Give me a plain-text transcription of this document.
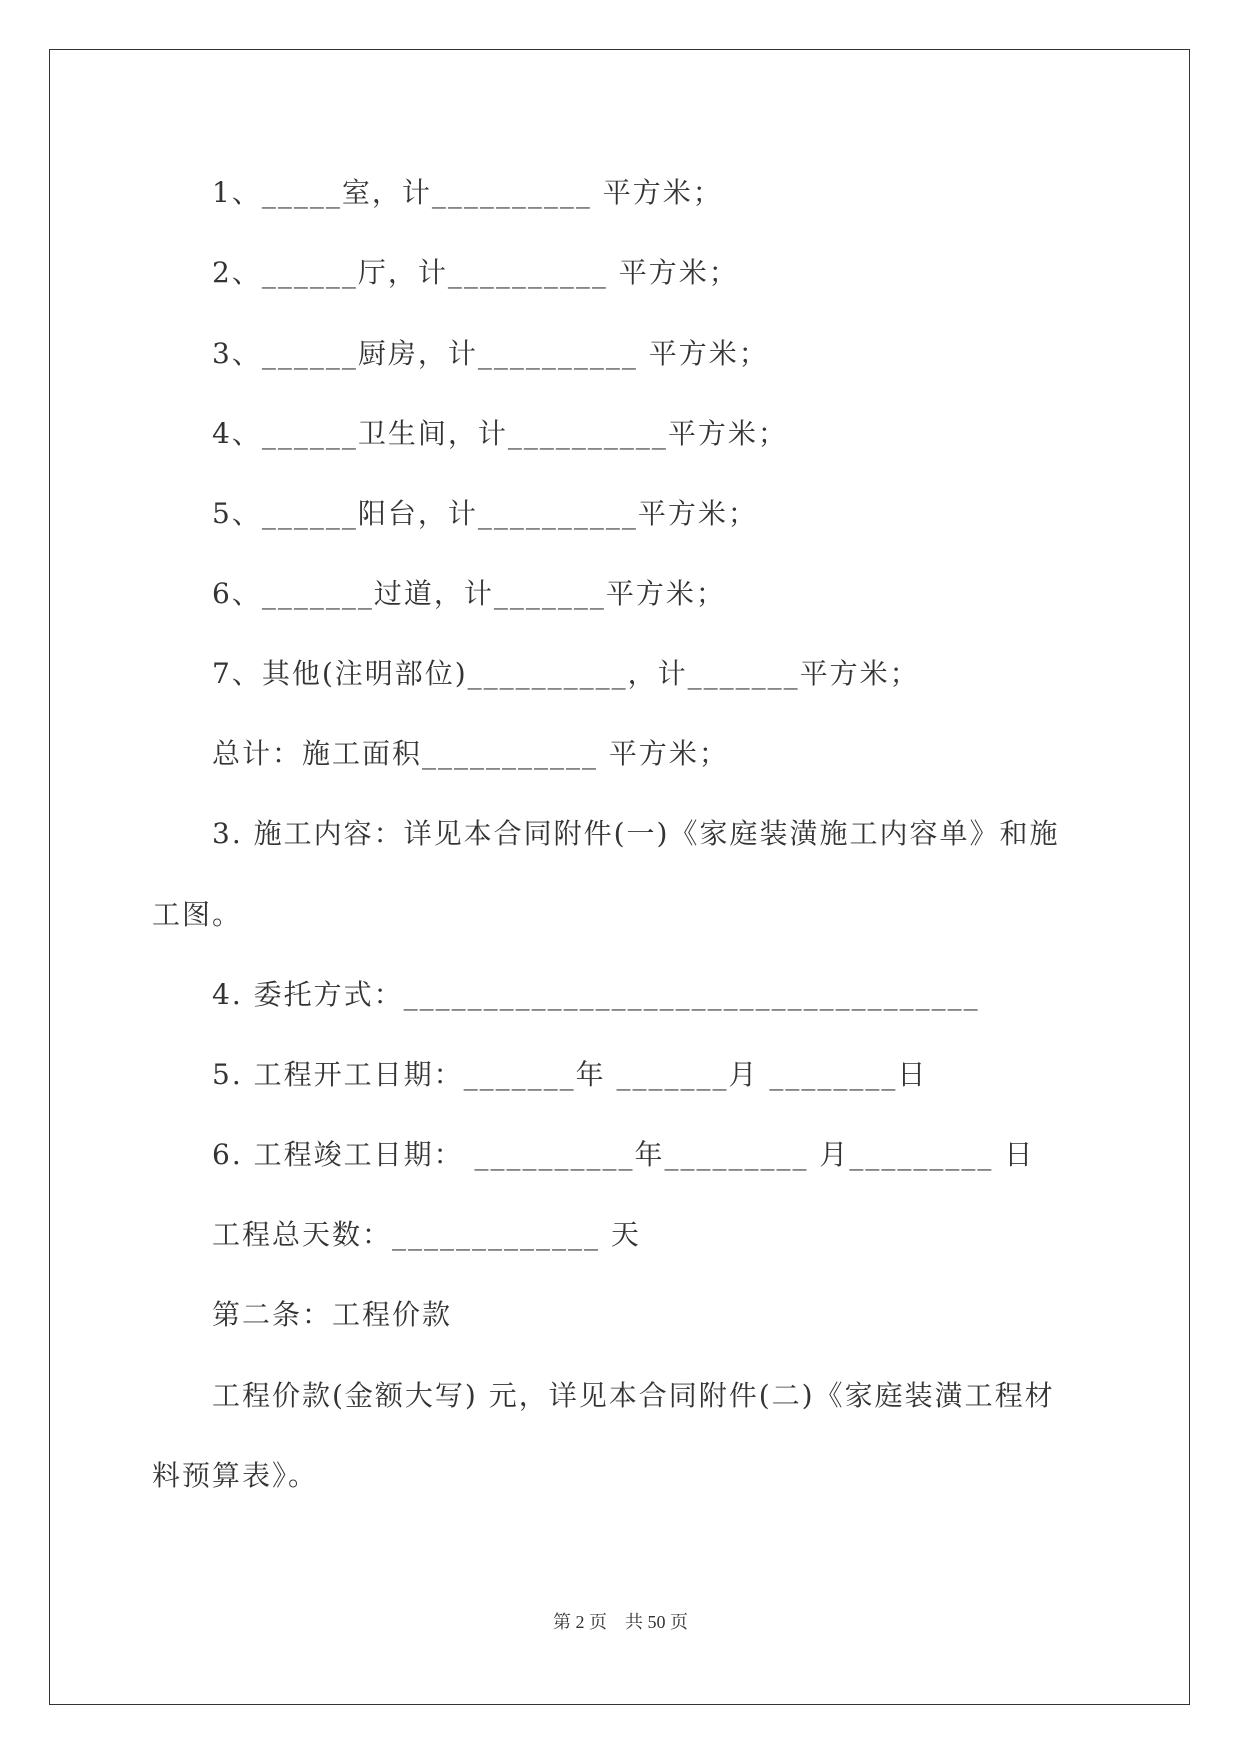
1、_____室，计__________ 平方米；
2、______厅，计__________ 平方米；
3、______厨房，计__________ 平方米；
4、______卫生间，计__________平方米；
5、______阳台，计__________平方米；
6、_______过道，计_______平方米；
7、其他(注明部位)__________，计_______平方米；
总计：施工面积___________ 平方米；
3. 施工内容：详见本合同附件(一)《家庭装潢施工内容单》和施
工图。
4. 委托方式：____________________________________
5. 工程开工日期：_______年 _______月 ________日
6. 工程竣工日期： __________年_________ 月_________ 日
工程总天数：_____________ 天
第二条：工程价款
工程价款(金额大写) 元，详见本合同附件(二)《家庭装潢工程材
料预算表》。
第 2 页　共 50 页
